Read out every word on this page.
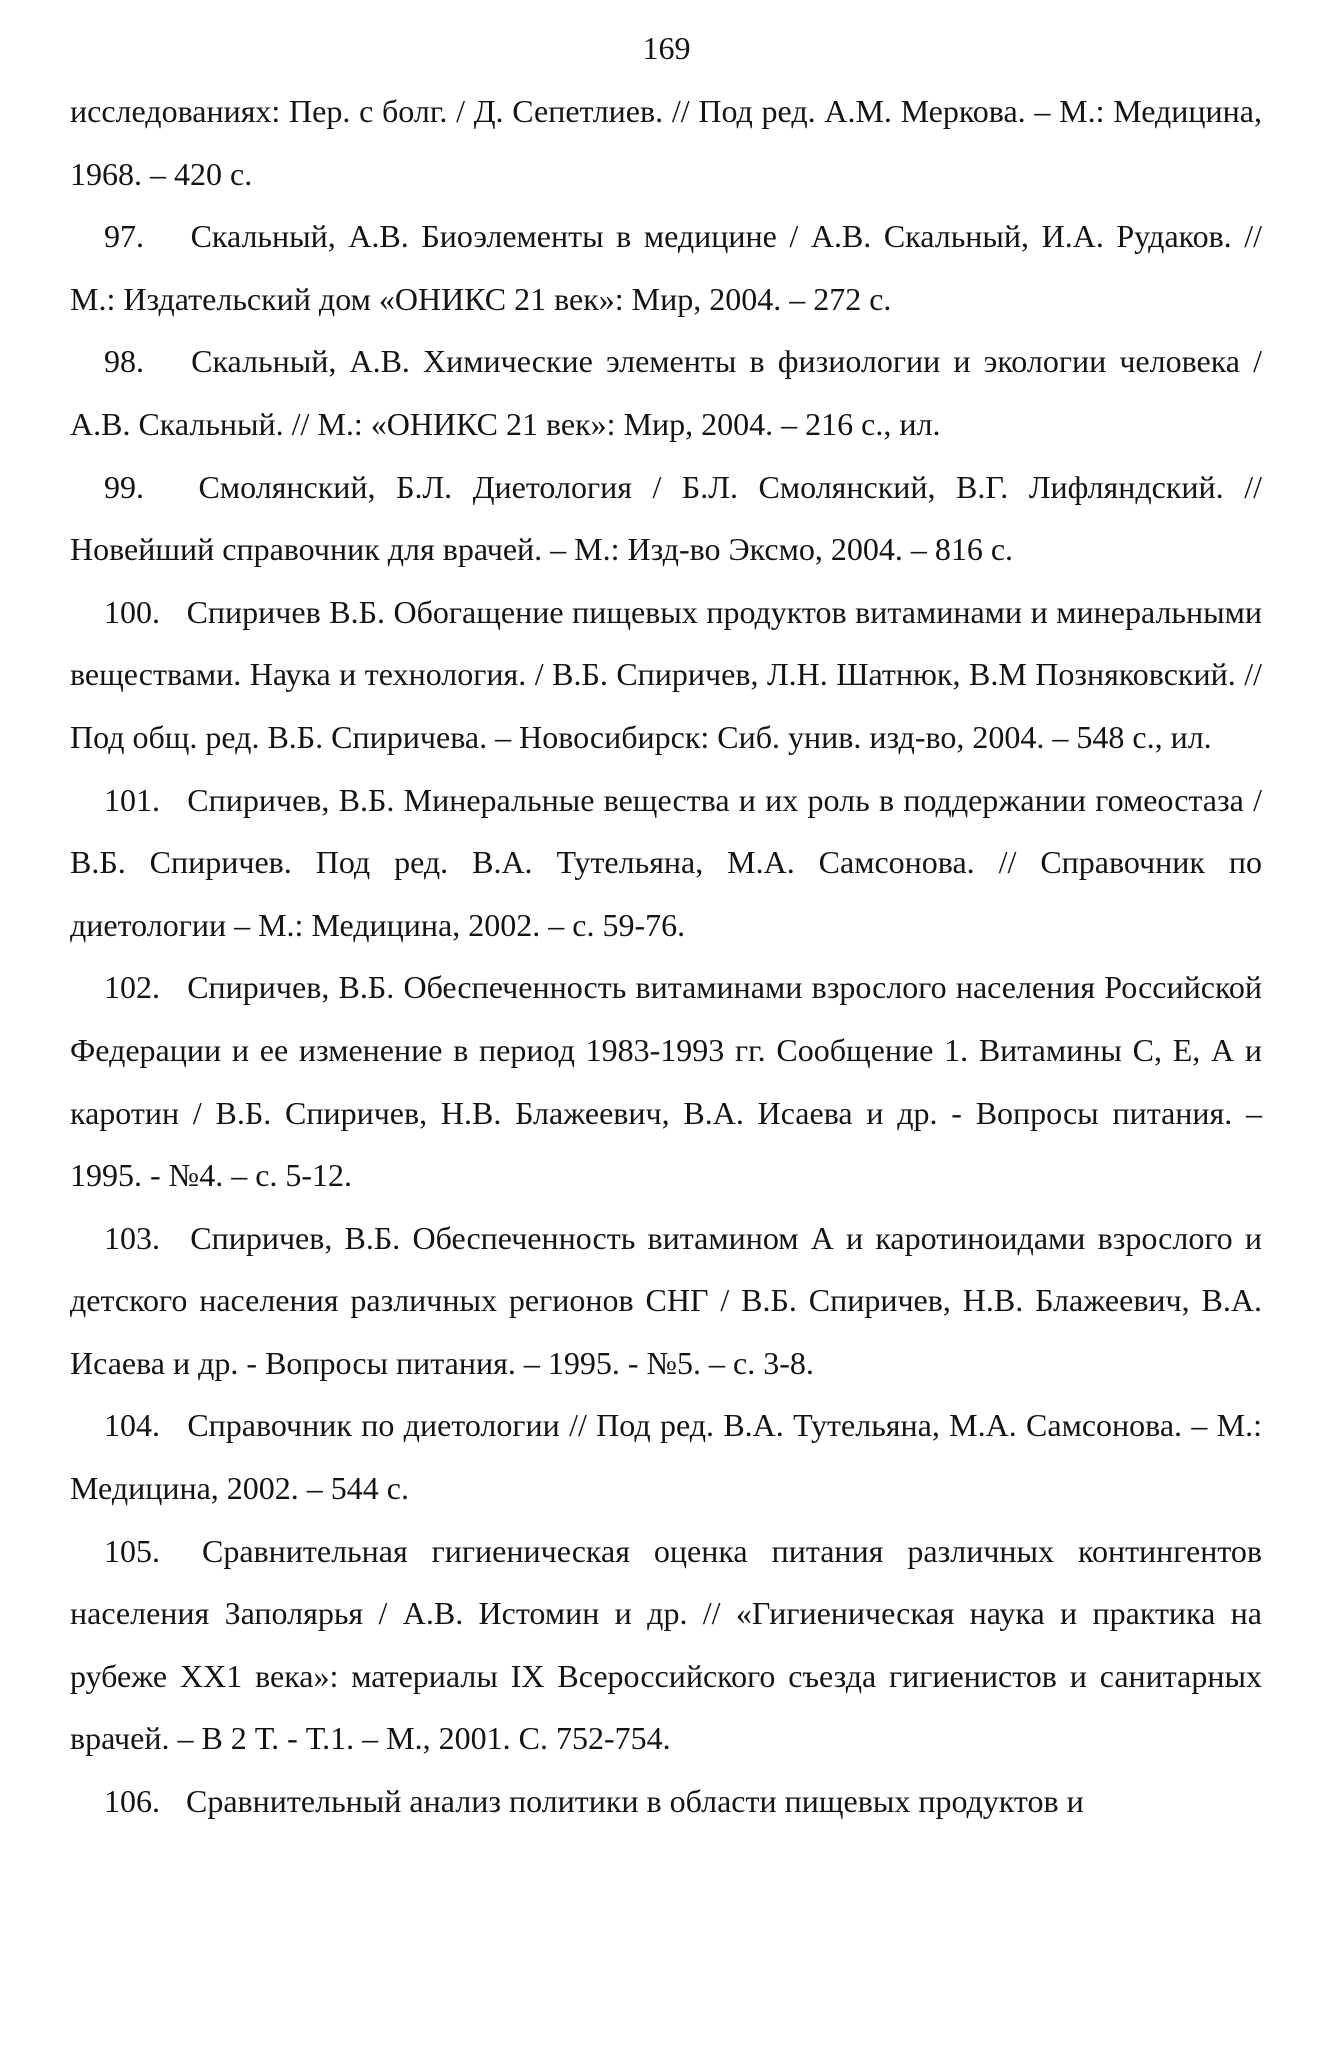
169

исследованиях: Пер. с болг. / Д. Сепетлиев. // Под ред. А.М. Меркова. – М.: Медицина, 1968. – 420 с.

97. Скальный, А.В. Биоэлементы в медицине / А.В. Скальный, И.А. Рудаков. // М.: Издательский дом «ОНИКС 21 век»: Мир, 2004. – 272 с.

98. Скальный, А.В. Химические элементы в физиологии и экологии человека / А.В. Скальный. // М.: «ОНИКС 21 век»: Мир, 2004. – 216 с., ил.

99. Смолянский, Б.Л. Диетология / Б.Л. Смолянский, В.Г. Лифляндский. // Новейший справочник для врачей. – М.: Изд-во Эксмо, 2004. – 816 с.

100. Спиричев В.Б. Обогащение пищевых продуктов витаминами и минеральными веществами. Наука и технология. / В.Б. Спиричев, Л.Н. Шатнюк, В.М Позняковский. // Под общ. ред. В.Б. Спиричева. – Новосибирск: Сиб. унив. изд-во, 2004. – 548 с., ил.

101. Спиричев, В.Б. Минеральные вещества и их роль в поддержании гомеостаза / В.Б. Спиричев. Под ред. В.А. Тутельяна, М.А. Самсонова. // Справочник по диетологии – М.: Медицина, 2002. – с. 59-76.

102. Спиричев, В.Б. Обеспеченность витаминами взрослого населения Российской Федерации и ее изменение в период 1983-1993 гг. Сообщение 1. Витамины С, Е, А и каротин / В.Б. Спиричев, Н.В. Блажеевич, В.А. Исаева и др. - Вопросы питания. – 1995. - №4. – с. 5-12.

103. Спиричев, В.Б. Обеспеченность витамином А и каротиноидами взрослого и детского населения различных регионов СНГ / В.Б. Спиричев, Н.В. Блажеевич, В.А. Исаева и др. - Вопросы питания. – 1995. - №5. – с. 3-8.

104. Справочник по диетологии // Под ред. В.А. Тутельяна, М.А. Самсонова. – М.: Медицина, 2002. – 544 с.

105. Сравнительная гигиеническая оценка питания различных контингентов населения Заполярья / А.В. Истомин и др. // «Гигиеническая наука и практика на рубеже XX1 века»: материалы IX Всероссийского съезда гигиенистов и санитарных врачей. – В 2 Т. - Т.1. – М., 2001. С. 752-754.

106. Сравнительный анализ политики в области пищевых продуктов и
